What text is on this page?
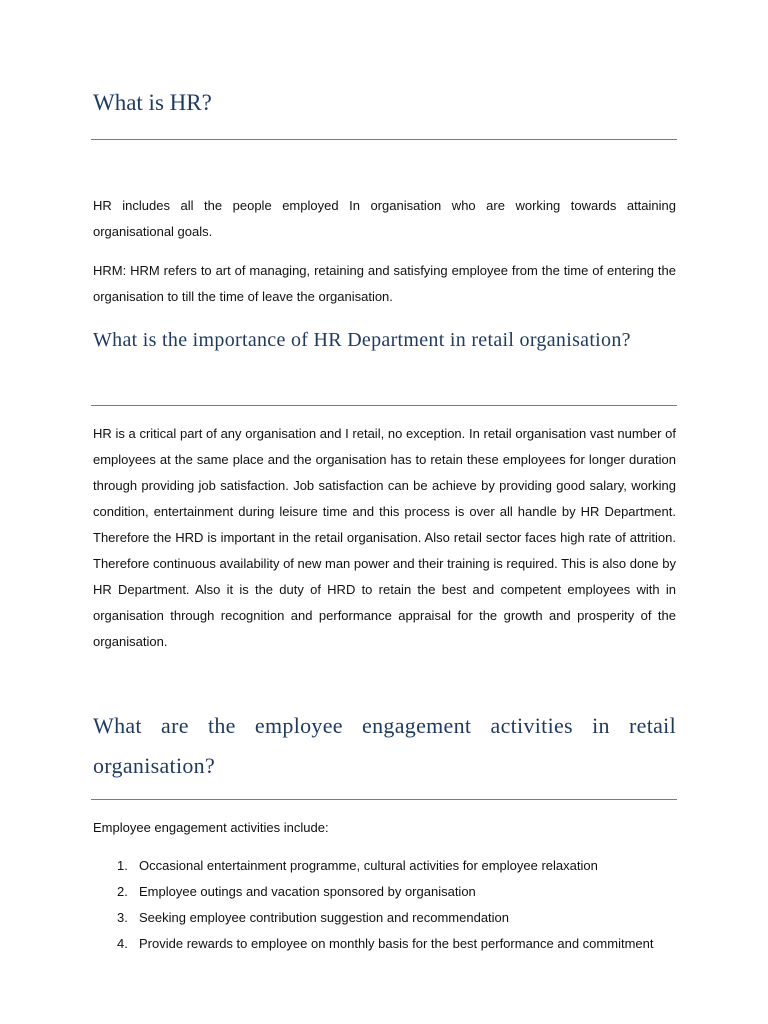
What is HR?

HR includes all the people employed In organisation who are working towards attaining organisational goals.

HRM: HRM refers to art of managing, retaining and satisfying employee from the time of entering the organisation to till the time of leave the organisation.

What is the importance of HR Department in retail organisation?

HR is a critical part of any organisation and I retail, no exception. In retail organisation vast number of employees at the same place and the organisation has to retain these employees for longer duration through providing job satisfaction. Job satisfaction can be achieve by providing good salary, working condition, entertainment during leisure time and this process is over all handle by HR Department. Therefore the HRD is important in the retail organisation. Also retail sector faces high rate of attrition. Therefore continuous availability of new man power and their training is required. This is also done by HR Department. Also it is the duty of HRD to retain the best and competent employees with in organisation through recognition and performance appraisal for the growth and prosperity of the organisation.

What are the employee engagement activities in retail organisation?

Employee engagement activities include:

1. Occasional entertainment programme, cultural activities for employee relaxation
2. Employee outings and vacation sponsored by organisation
3. Seeking employee contribution suggestion and recommendation
4. Provide rewards to employee on monthly basis for the best performance and commitment
